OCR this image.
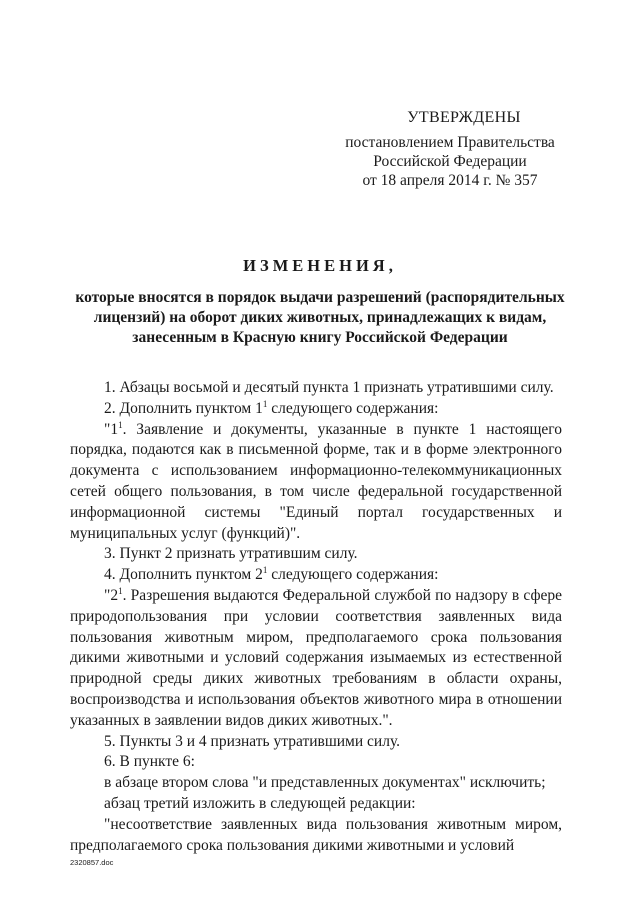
УТВЕРЖДЕНЫ
постановлением Правительства
Российской Федерации
от 18 апреля 2014 г. № 357
ИЗМЕНЕНИЯ,
которые вносятся в порядок выдачи разрешений (распорядительных
лицензий) на оборот диких животных, принадлежащих к видам,
занесенным в Красную книгу Российской Федерации

1. Абзацы восьмой и десятый пункта 1 признать утратившими силу.

2. Дополнить пунктом $1^1$ следующего содержания:

"$1^1$. Заявление и документы, указанные в пункте 1 настоящего порядка, подаются как в письменной форме, так и в форме электронного документа с использованием информационно-телекоммуникационных сетей общего пользования, в том числе федеральной государственной информационной системы "Единый портал государственных и муниципальных услуг (функций)".

3. Пункт 2 признать утратившим силу.

4. Дополнить пунктом $2^1$ следующего содержания:

"$2^1$. Разрешения выдаются Федеральной службой по надзору в сфере природопользования при условии соответствия заявленных вида пользования животным миром, предполагаемого срока пользования дикими животными и условий содержания изымаемых из естественной природной среды диких животных требованиям в области охраны, воспроизводства и использования объектов животного мира в отношении указанных в заявлении видов диких животных.".

5. Пункты 3 и 4 признать утратившими силу.

6. В пункте 6:

в абзаце втором слова "и представленных документах" исключить;

абзац третий изложить в следующей редакции:

"несоответствие заявленных вида пользования животным миром, предполагаемого срока пользования дикими животными и условий

2320857.doc
